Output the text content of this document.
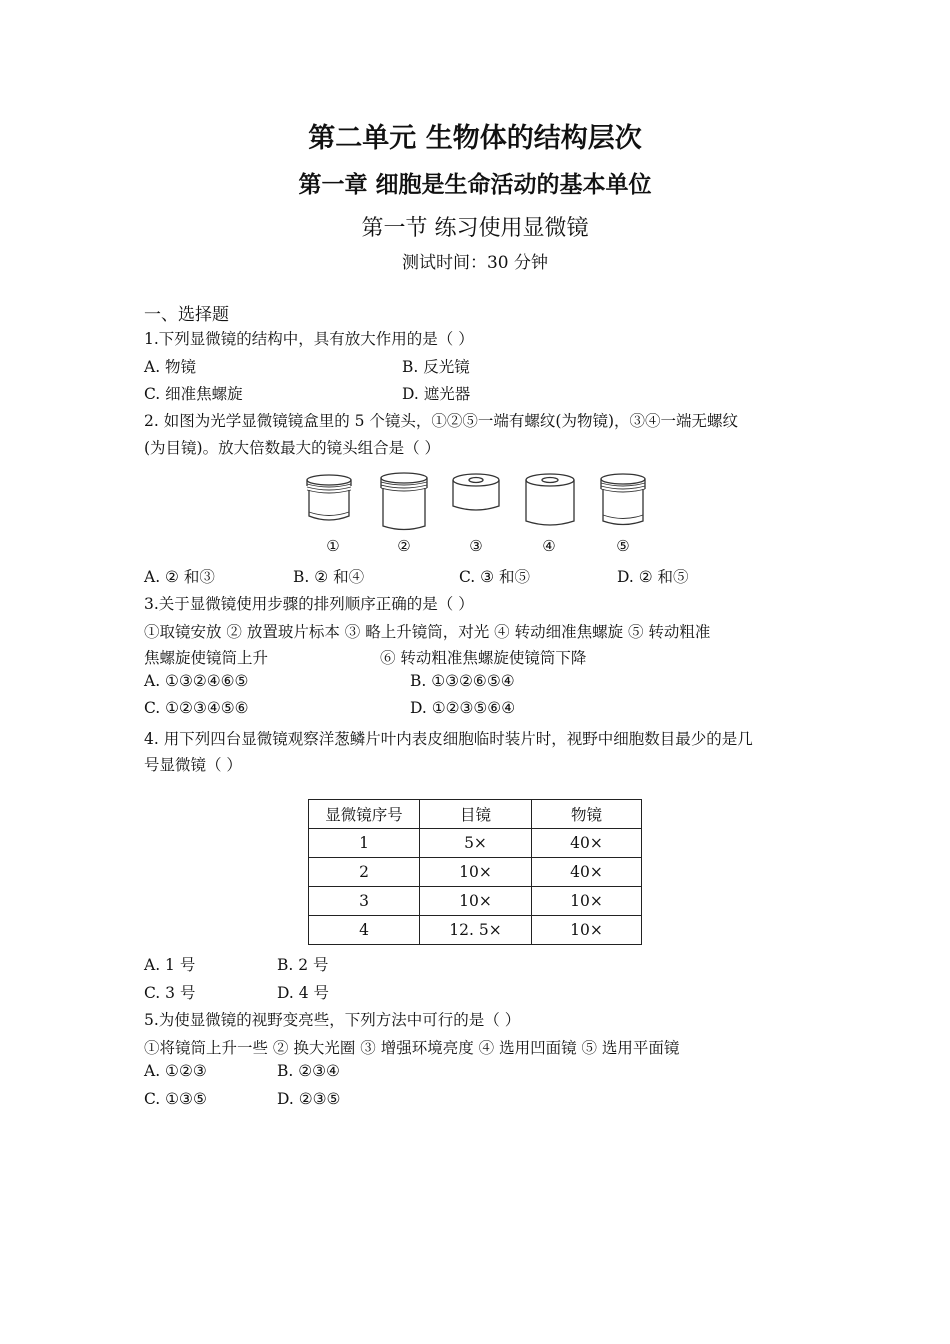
第二单元 生物体的结构层次
第一章 细胞是生命活动的基本单位
第一节 练习使用显微镜
测试时间：30 分钟
一、选择题
1.下列显微镜的结构中，具有放大作用的是（ ）
A. 物镜	B. 反光镜
C. 细准焦螺旋	D. 遮光器
2. 如图为光学显微镜镜盒里的 5 个镜头，①②⑤一端有螺纹(为物镜)，③④一端无螺纹
(为目镜)。放大倍数最大的镜头组合是（ ）
①	②	③	④	⑤
A. ② 和③	B. ② 和④	C. ③ 和⑤	D. ② 和⑤
3.关于显微镜使用步骤的排列顺序正确的是（ ）
①取镜安放 ② 放置玻片标本 ③ 略上升镜筒，对光 ④ 转动细准焦螺旋 ⑤ 转动粗准
焦螺旋使镜筒上升	⑥ 转动粗准焦螺旋使镜筒下降
A. ①③②④⑥⑤	B. ①③②⑥⑤④
C. ①②③④⑤⑥	D. ①②③⑤⑥④
4. 用下列四台显微镜观察洋葱鳞片叶内表皮细胞临时装片时，视野中细胞数目最少的是几
号显微镜（ ）
显微镜序号	目镜	物镜
1	5×	40×
2	10×	40×
3	10×	10×
4	12. 5×	10×
A. 1 号	B. 2 号
C. 3 号	D. 4 号
5.为使显微镜的视野变亮些，下列方法中可行的是（ ）
①将镜筒上升一些 ② 换大光圈 ③ 增强环境亮度 ④ 选用凹面镜 ⑤ 选用平面镜
A. ①②③	B. ②③④
C. ①③⑤	D. ②③⑤
